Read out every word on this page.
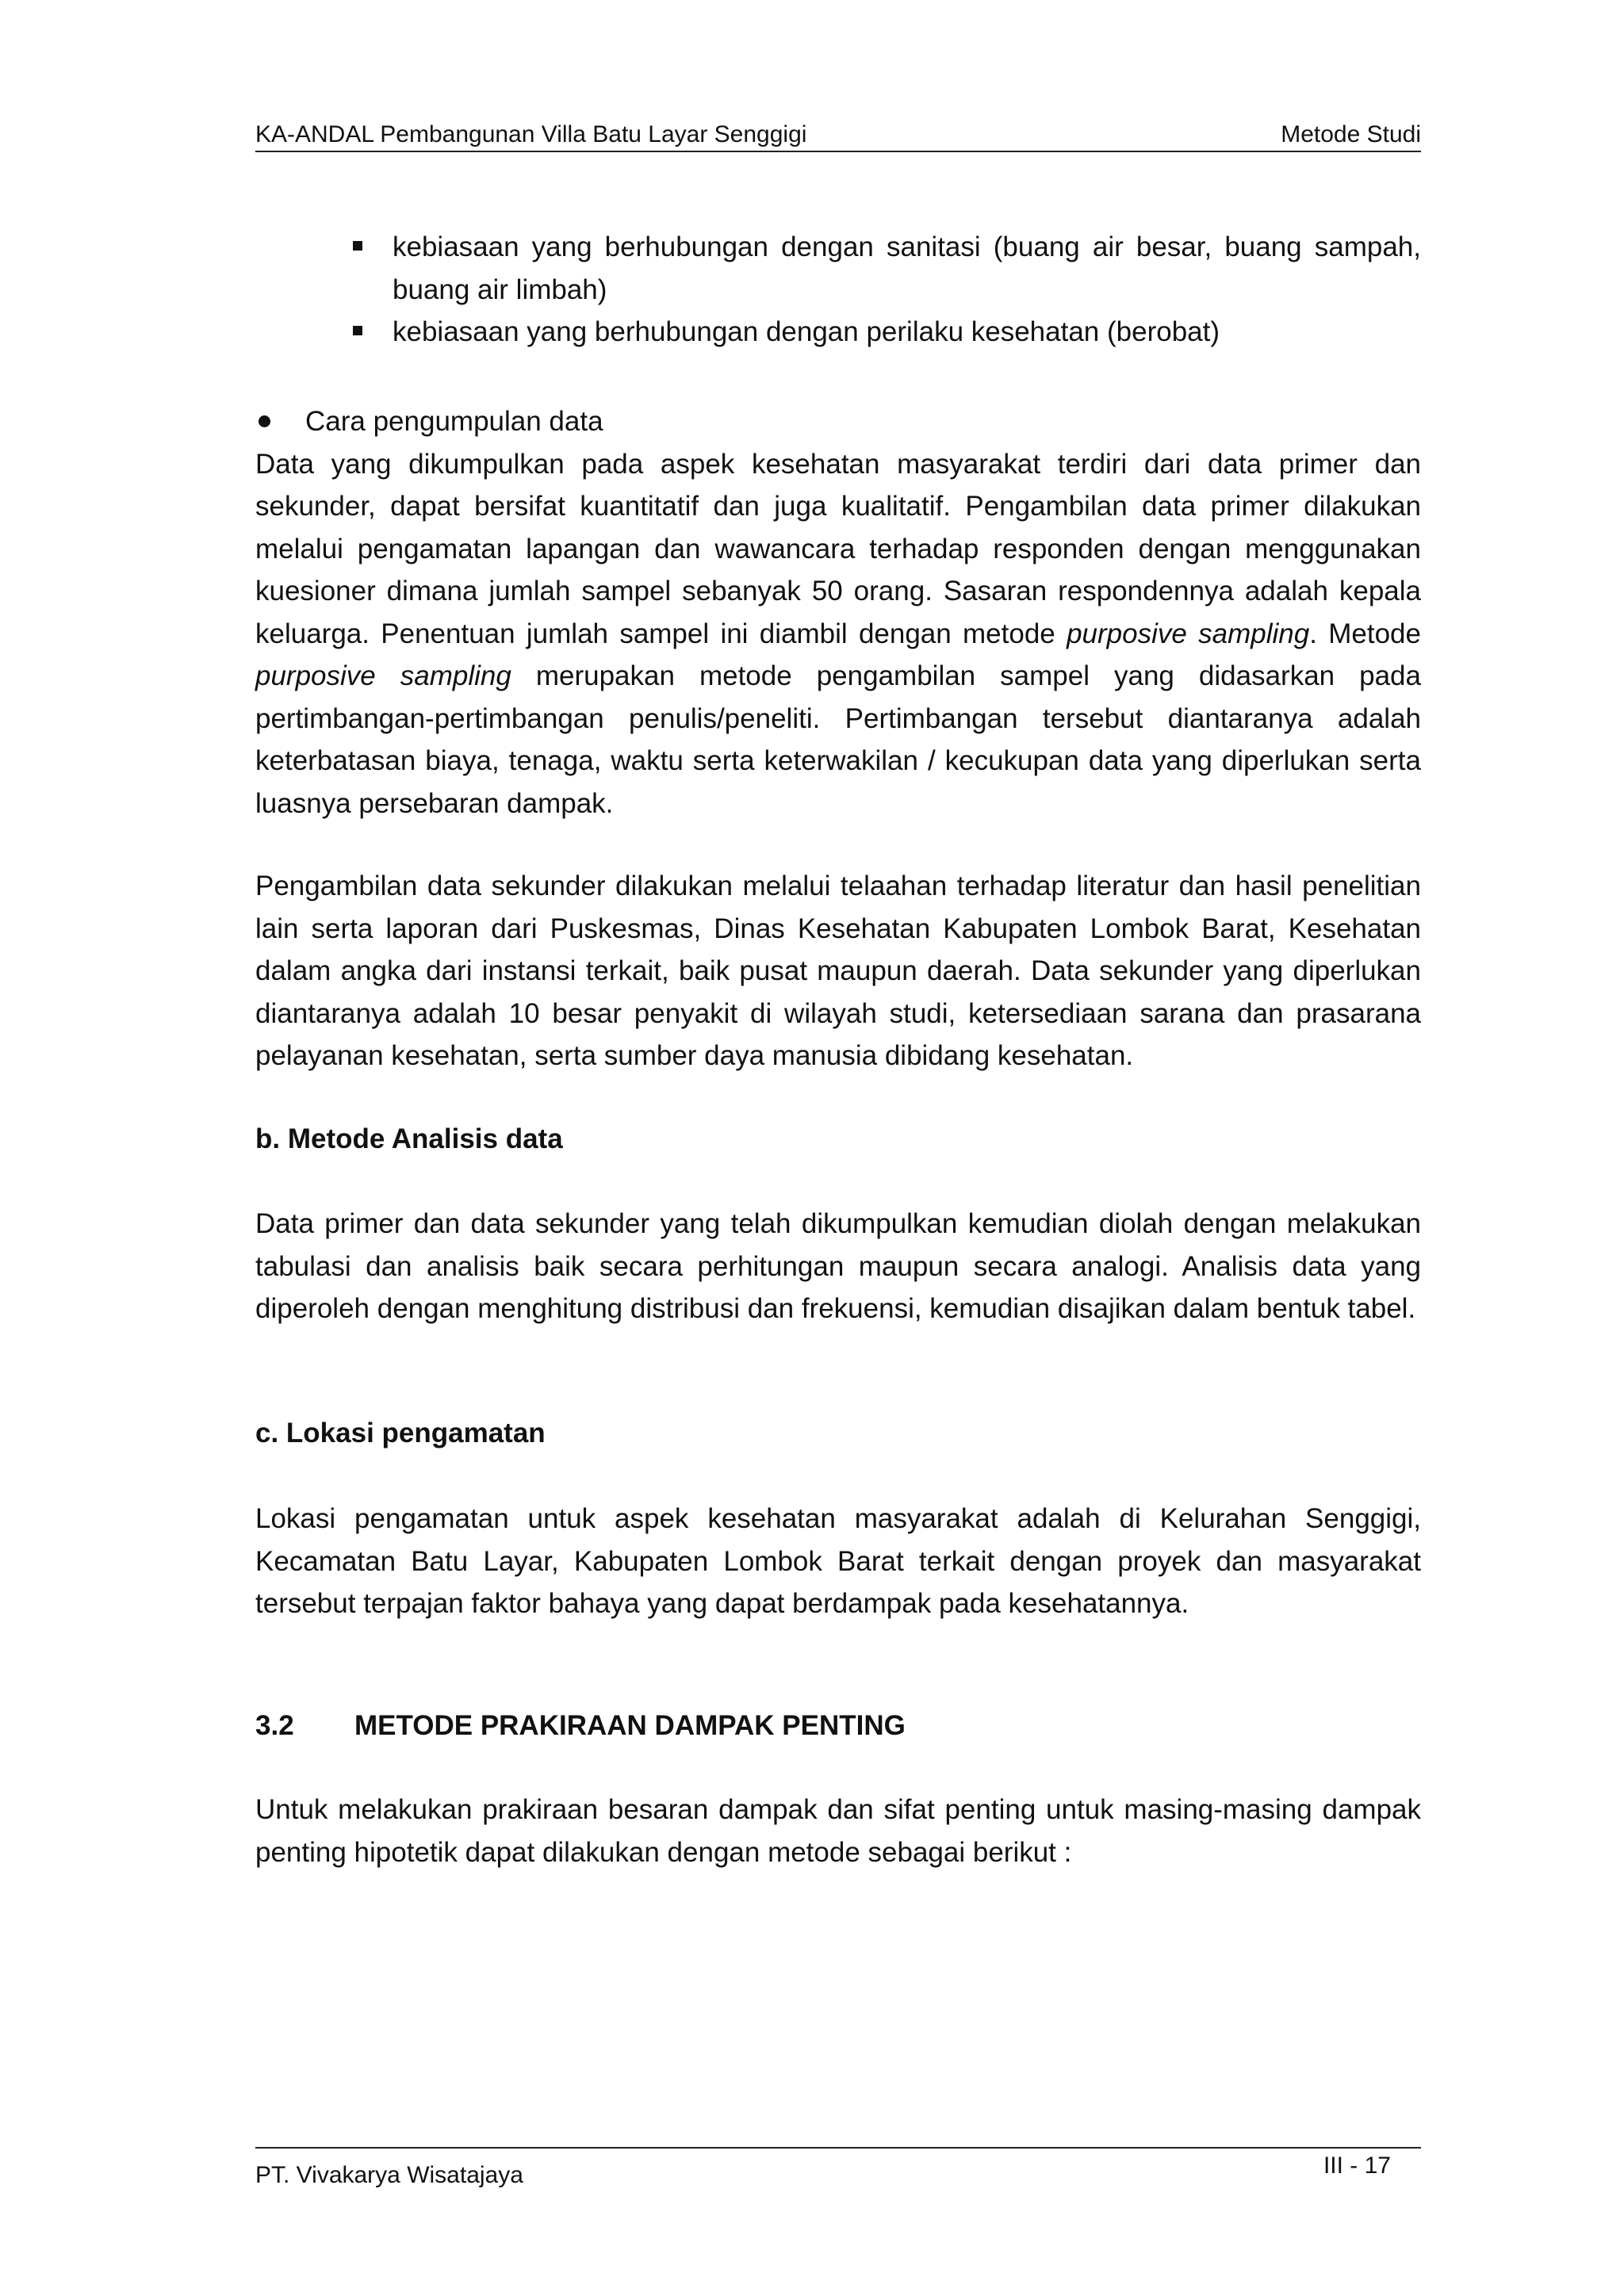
KA-ANDAL Pembangunan Villa Batu Layar Senggigi	Metode Studi
kebiasaan yang berhubungan dengan sanitasi (buang air besar, buang sampah, buang air limbah)
kebiasaan yang berhubungan dengan perilaku kesehatan (berobat)
Cara pengumpulan data
Data yang dikumpulkan pada aspek kesehatan masyarakat terdiri dari data primer dan sekunder, dapat bersifat kuantitatif dan juga kualitatif. Pengambilan data primer dilakukan melalui pengamatan lapangan dan wawancara terhadap responden dengan menggunakan kuesioner dimana jumlah sampel sebanyak 50 orang. Sasaran respondennya adalah kepala keluarga. Penentuan jumlah sampel ini diambil dengan metode purposive sampling. Metode purposive sampling merupakan metode pengambilan sampel yang didasarkan pada pertimbangan-pertimbangan penulis/peneliti. Pertimbangan tersebut diantaranya adalah keterbatasan biaya, tenaga, waktu serta keterwakilan / kecukupan data yang diperlukan serta luasnya persebaran dampak.
Pengambilan data sekunder dilakukan melalui telaahan terhadap literatur dan hasil penelitian lain serta laporan dari Puskesmas, Dinas Kesehatan Kabupaten Lombok Barat, Kesehatan dalam angka dari instansi terkait, baik pusat maupun daerah. Data sekunder yang diperlukan diantaranya adalah 10 besar penyakit di wilayah studi, ketersediaan sarana dan prasarana pelayanan kesehatan, serta sumber daya manusia dibidang kesehatan.
b. Metode Analisis data
Data primer dan data sekunder yang telah dikumpulkan kemudian diolah dengan melakukan tabulasi dan analisis baik secara perhitungan maupun secara analogi. Analisis data yang diperoleh dengan menghitung distribusi dan frekuensi, kemudian disajikan dalam bentuk tabel.
c. Lokasi pengamatan
Lokasi pengamatan untuk aspek kesehatan masyarakat adalah di Kelurahan Senggigi, Kecamatan Batu Layar, Kabupaten Lombok Barat terkait dengan proyek dan masyarakat tersebut terpajan faktor bahaya yang dapat berdampak pada kesehatannya.
3.2 METODE PRAKIRAAN DAMPAK PENTING
Untuk melakukan prakiraan besaran dampak dan sifat penting untuk masing-masing dampak penting hipotetik dapat dilakukan dengan metode sebagai berikut :
PT. Vivakarya Wisatajaya	III - 17
